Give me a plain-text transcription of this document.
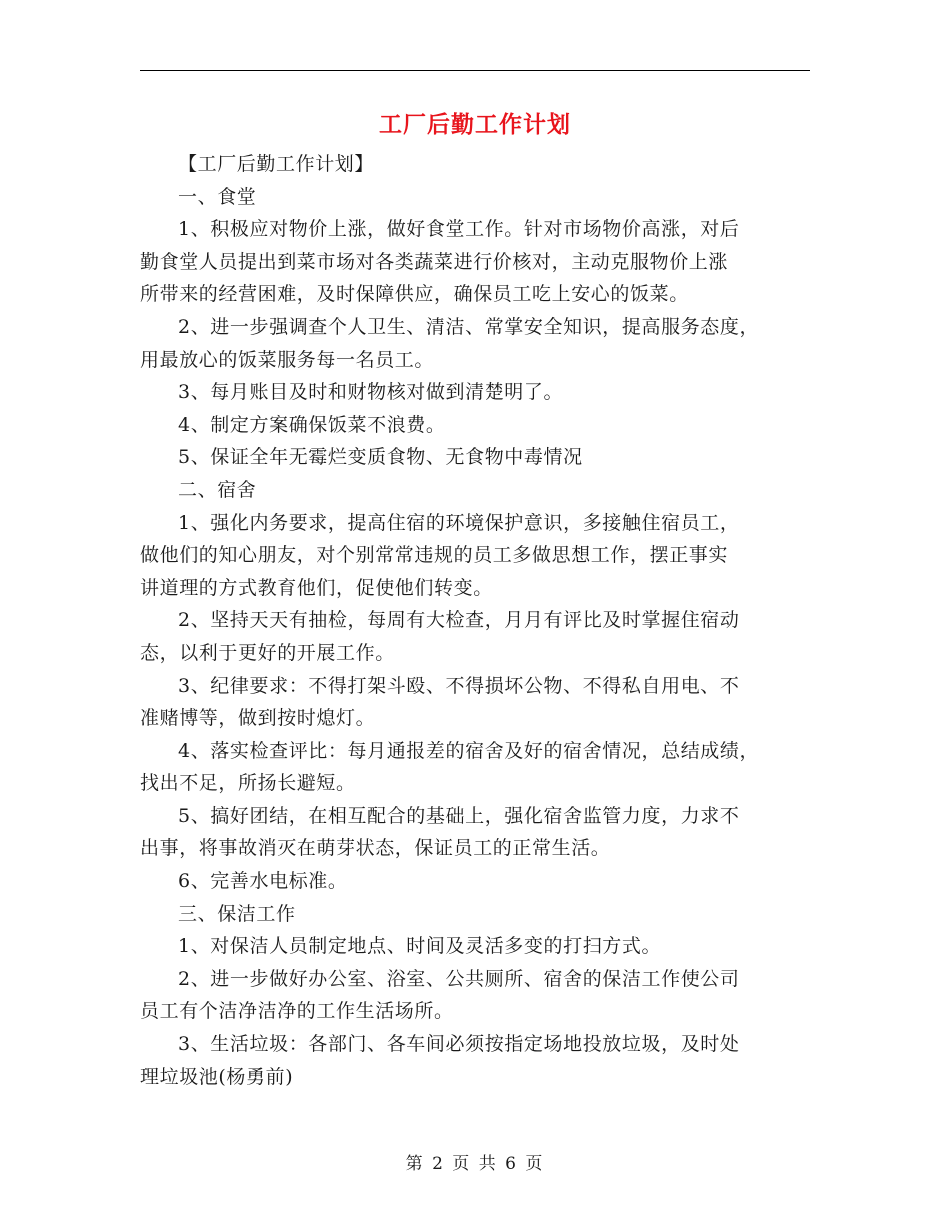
工厂后勤工作计划

【工厂后勤工作计划】

一、食堂

1、积极应对物价上涨，做好食堂工作。针对市场物价高涨，对后
勤食堂人员提出到菜市场对各类蔬菜进行价核对，主动克服物价上涨
所带来的经营困难，及时保障供应，确保员工吃上安心的饭菜。

2、进一步强调查个人卫生、清洁、常掌安全知识，提高服务态度，
用最放心的饭菜服务每一名员工。

3、每月账目及时和财物核对做到清楚明了。

4、制定方案确保饭菜不浪费。

5、保证全年无霉烂变质食物、无食物中毒情况

二、宿舍

1、强化内务要求，提高住宿的环境保护意识，多接触住宿员工，
做他们的知心朋友，对个别常常违规的员工多做思想工作，摆正事实
讲道理的方式教育他们，促使他们转变。

2、坚持天天有抽检，每周有大检查，月月有评比及时掌握住宿动
态，以利于更好的开展工作。

3、纪律要求：不得打架斗殴、不得损坏公物、不得私自用电、不
准赌博等，做到按时熄灯。

4、落实检查评比：每月通报差的宿舍及好的宿舍情况，总结成绩，
找出不足，所扬长避短。

5、搞好团结，在相互配合的基础上，强化宿舍监管力度，力求不
出事，将事故消灭在萌芽状态，保证员工的正常生活。

6、完善水电标准。

三、保洁工作

1、对保洁人员制定地点、时间及灵活多变的打扫方式。

2、进一步做好办公室、浴室、公共厕所、宿舍的保洁工作使公司
员工有个洁净洁净的工作生活场所。

3、生活垃圾：各部门、各车间必须按指定场地投放垃圾，及时处
理垃圾池(杨勇前)

第 2 页 共 6 页
